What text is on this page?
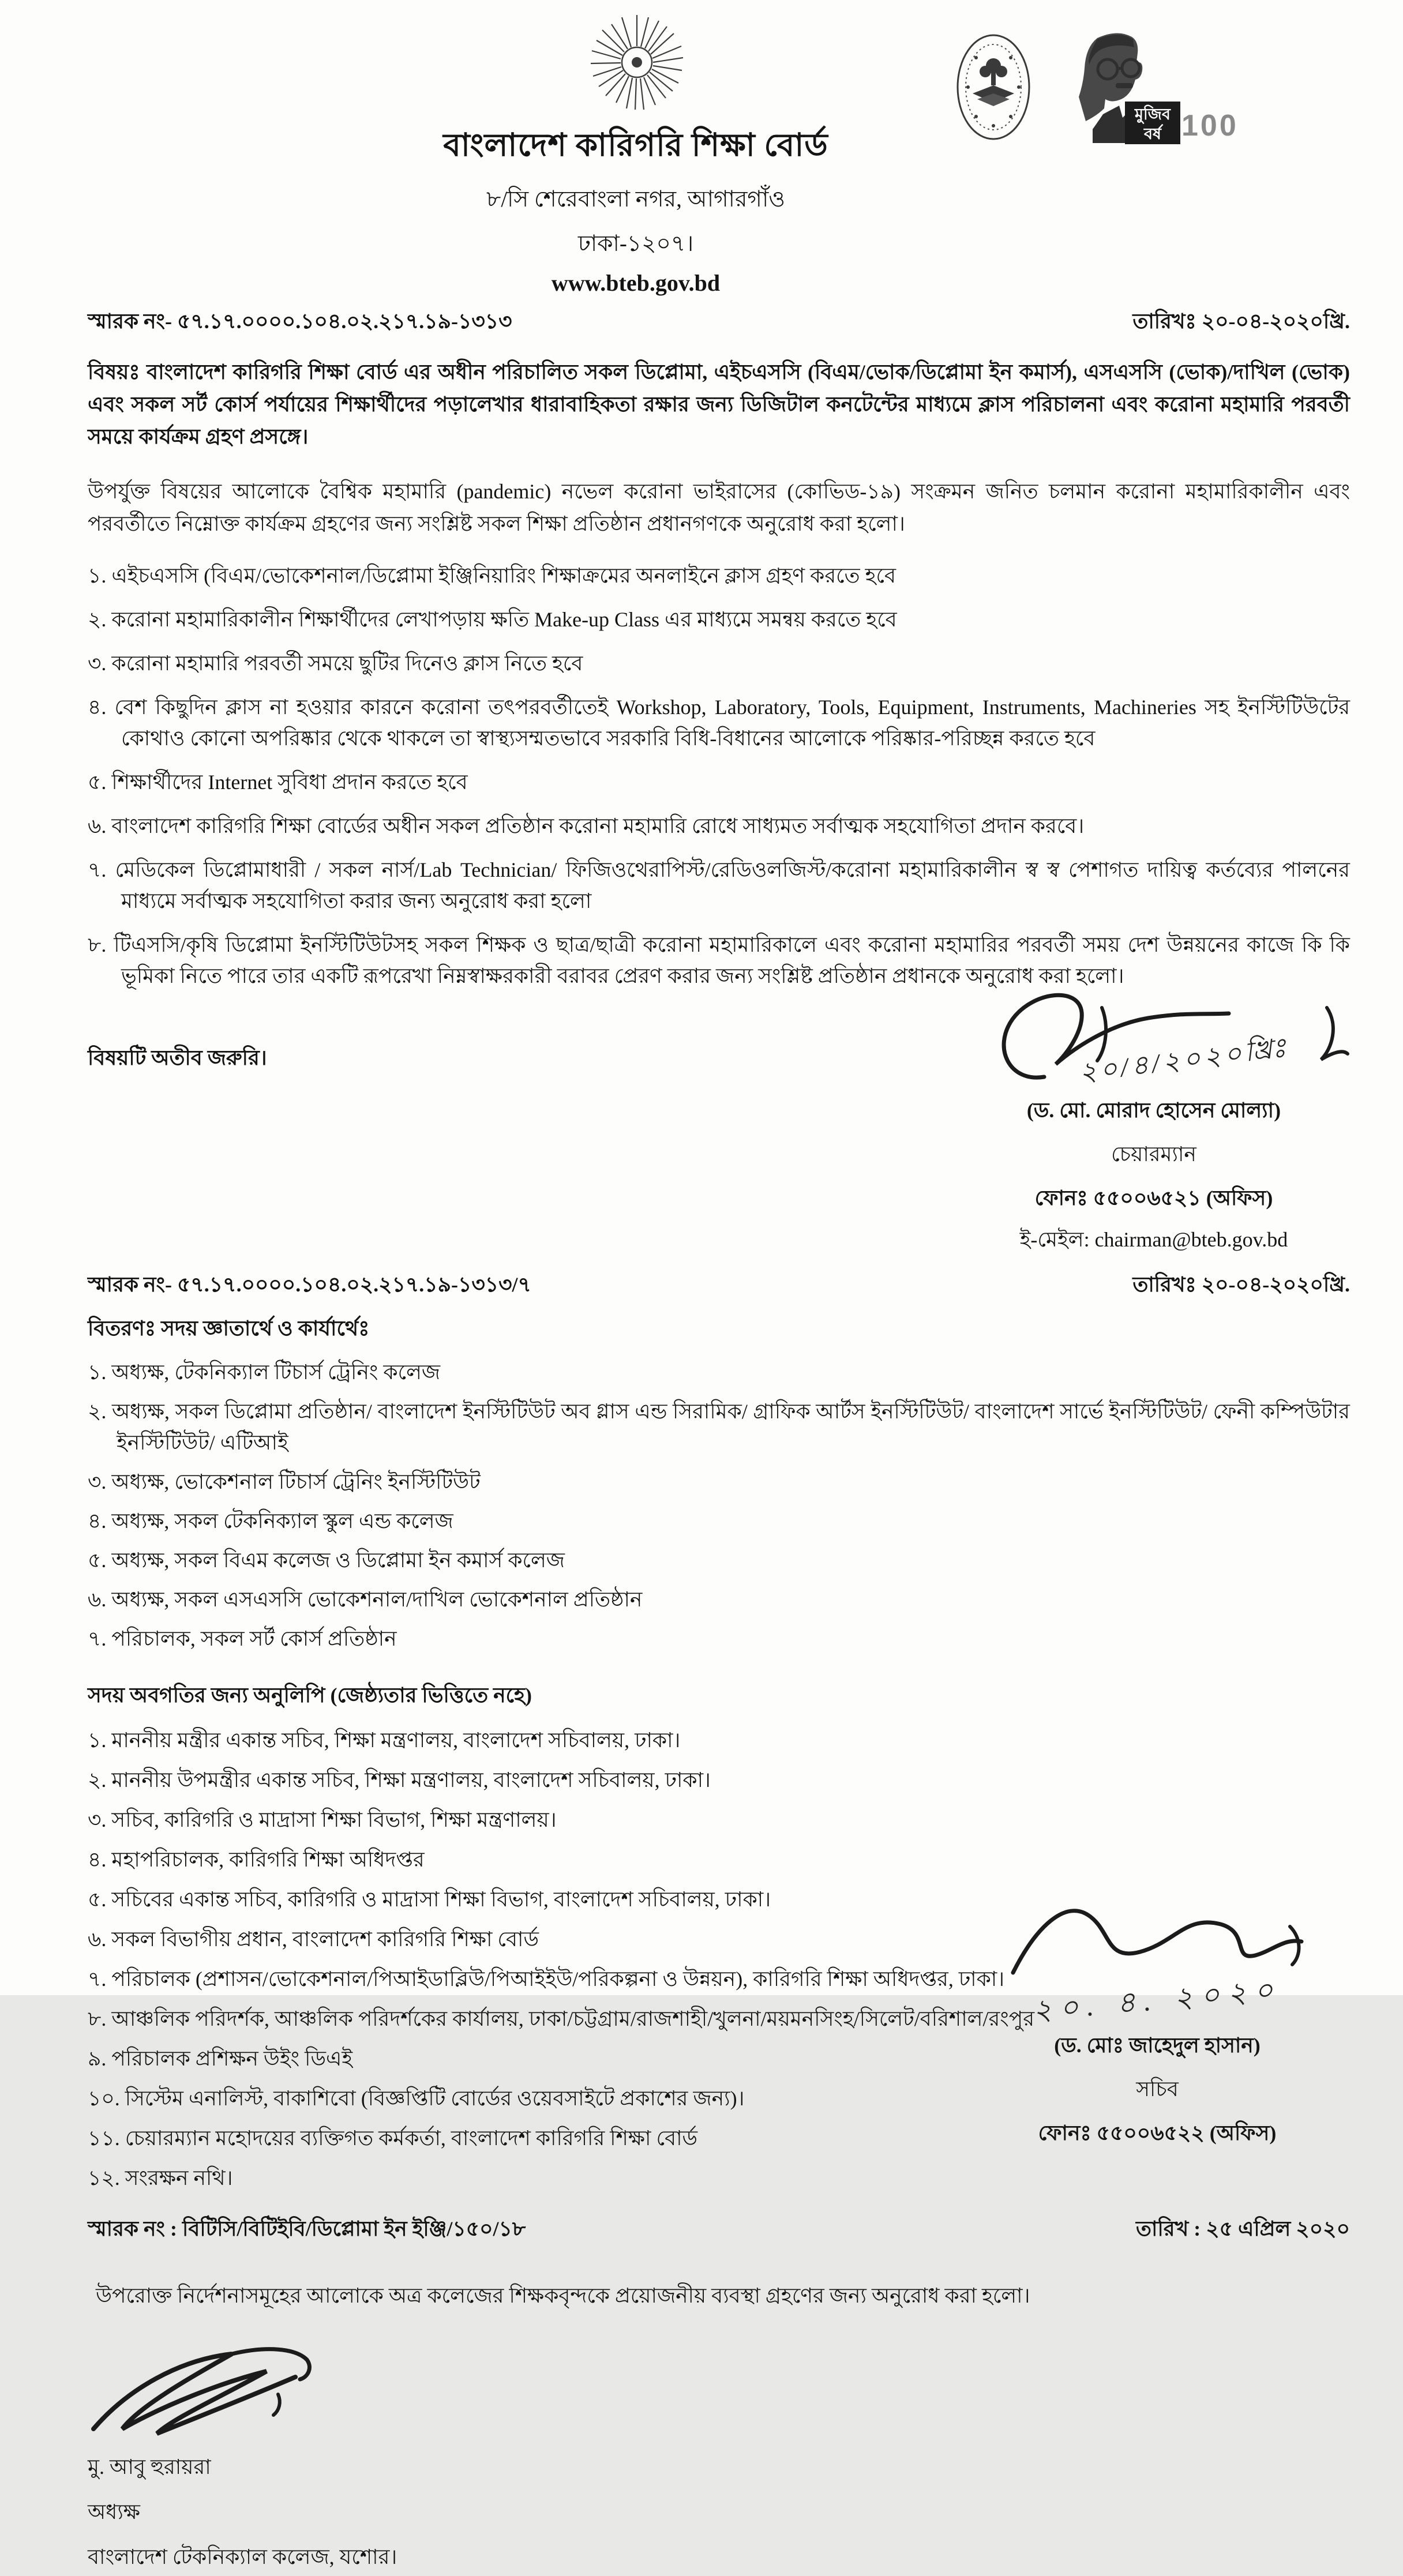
মুজিব
বর্ষ 100
বাংলাদেশ কারিগরি শিক্ষা বোর্ড
৮/সি শেরেবাংলা নগর, আগারগাঁও
ঢাকা-১২০৭।
www.bteb.gov.bd
স্মারক নং- ৫৭.১৭.০০০০.১০৪.০২.২১৭.১৯-১৩১৩	তারিখঃ ২০-০৪-২০২০খ্রি.
বিষয়ঃ বাংলাদেশ কারিগরি শিক্ষা বোর্ড এর অধীন পরিচালিত সকল ডিপ্লোমা, এইচএসসি (বিএম/ভোক/ডিপ্লোমা ইন কমার্স), এসএসসি (ভোক)/দাখিল (ভোক) এবং সকল সর্ট কোর্স পর্যায়ের শিক্ষার্থীদের পড়ালেখার ধারাবাহিকতা রক্ষার জন্য ডিজিটাল কনটেন্টের মাধ্যমে ক্লাস পরিচালনা এবং করোনা মহামারি পরবর্তী সময়ে কার্যক্রম গ্রহণ প্রসঙ্গে।
উপর্যুক্ত বিষয়ের আলোকে বৈশ্বিক মহামারি (pandemic) নভেল করোনা ভাইরাসের (কোভিড-১৯) সংক্রমন জনিত চলমান করোনা মহামারিকালীন এবং পরবর্তীতে নিম্নোক্ত কার্যক্রম গ্রহণের জন্য সংশ্লিষ্ট সকল শিক্ষা প্রতিষ্ঠান প্রধানগণকে অনুরোধ করা হলো।
১. এইচএসসি (বিএম/ভোকেশনাল/ডিপ্লোমা ইঞ্জিনিয়ারিং শিক্ষাক্রমের অনলাইনে ক্লাস গ্রহণ করতে হবে
২. করোনা মহামারিকালীন শিক্ষার্থীদের লেখাপড়ায় ক্ষতি Make-up Class এর মাধ্যমে সমন্বয় করতে হবে
৩. করোনা মহামারি পরবর্তী সময়ে ছুটির দিনেও ক্লাস নিতে হবে
৪. বেশ কিছুদিন ক্লাস না হওয়ার কারনে করোনা তৎপরবর্তীতেই Workshop, Laboratory, Tools, Equipment, Instruments, Machineries সহ ইনস্টিটিউটের কোথাও কোনো অপরিষ্কার থেকে থাকলে তা স্বাস্থ্যসম্মতভাবে সরকারি বিধি-বিধানের আলোকে পরিষ্কার-পরিচ্ছন্ন করতে হবে
৫. শিক্ষার্থীদের Internet সুবিধা প্রদান করতে হবে
৬. বাংলাদেশ কারিগরি শিক্ষা বোর্ডের অধীন সকল প্রতিষ্ঠান করোনা মহামারি রোধে সাধ্যমত সর্বাত্মক সহযোগিতা প্রদান করবে।
৭. মেডিকেল ডিপ্লোমাধারী / সকল নার্স/Lab Technician/ ফিজিওথেরাপিস্ট/রেডিওলজিস্ট/করোনা মহামারিকালীন স্ব স্ব পেশাগত দায়িত্ব কর্তব্যের পালনের মাধ্যমে সর্বাত্মক সহযোগিতা করার জন্য অনুরোধ করা হলো
৮. টিএসসি/কৃষি ডিপ্লোমা ইনস্টিটিউটসহ সকল শিক্ষক ও ছাত্র/ছাত্রী করোনা মহামারিকালে এবং করোনা মহামারির পরবর্তী সময় দেশ উন্নয়নের কাজে কি কি ভূমিকা নিতে পারে তার একটি রূপরেখা নিম্নস্বাক্ষরকারী বরাবর প্রেরণ করার জন্য সংশ্লিষ্ট প্রতিষ্ঠান প্রধানকে অনুরোধ করা হলো।
বিষয়টি অতীব জরুরি।	২০/৪/২০২০খ্রিঃ
(ড. মো. মোরাদ হোসেন মোল্যা)
চেয়ারম্যান
ফোনঃ ৫৫০০৬৫২১ (অফিস)
ই-মেইল: chairman@bteb.gov.bd
স্মারক নং- ৫৭.১৭.০০০০.১০৪.০২.২১৭.১৯-১৩১৩/৭	তারিখঃ ২০-০৪-২০২০খ্রি.
বিতরণঃ সদয় জ্ঞাতার্থে ও কার্যার্থেঃ
১. অধ্যক্ষ, টেকনিক্যাল টিচার্স ট্রেনিং কলেজ
২. অধ্যক্ষ, সকল ডিপ্লোমা প্রতিষ্ঠান/ বাংলাদেশ ইনস্টিটিউট অব গ্লাস এন্ড সিরামিক/ গ্রাফিক আর্টস ইনস্টিটিউট/ বাংলাদেশ সার্ভে ইনস্টিটিউট/ ফেনী কম্পিউটার ইনস্টিটিউট/ এটিআই
৩. অধ্যক্ষ, ভোকেশনাল টিচার্স ট্রেনিং ইনস্টিটিউট
৪. অধ্যক্ষ, সকল টেকনিক্যাল স্কুল এন্ড কলেজ
৫. অধ্যক্ষ, সকল বিএম কলেজ ও ডিপ্লোমা ইন কমার্স কলেজ
৬. অধ্যক্ষ, সকল এসএসসি ভোকেশনাল/দাখিল ভোকেশনাল প্রতিষ্ঠান
৭. পরিচালক, সকল সর্ট কোর্স প্রতিষ্ঠান
সদয় অবগতির জন্য অনুলিপি (জেষ্ঠ্যতার ভিত্তিতে নহে)
১. মাননীয় মন্ত্রীর একান্ত সচিব, শিক্ষা মন্ত্রণালয়, বাংলাদেশ সচিবালয়, ঢাকা।
২. মাননীয় উপমন্ত্রীর একান্ত সচিব, শিক্ষা মন্ত্রণালয়, বাংলাদেশ সচিবালয়, ঢাকা।
৩. সচিব, কারিগরি ও মাদ্রাসা শিক্ষা বিভাগ, শিক্ষা মন্ত্রণালয়।
৪. মহাপরিচালক, কারিগরি শিক্ষা অধিদপ্তর
৫. সচিবের একান্ত সচিব, কারিগরি ও মাদ্রাসা শিক্ষা বিভাগ, বাংলাদেশ সচিবালয়, ঢাকা।
৬. সকল বিভাগীয় প্রধান, বাংলাদেশ কারিগরি শিক্ষা বোর্ড
৭. পরিচালক (প্রশাসন/ভোকেশনাল/পিআইডাব্লিউ/পিআইইউ/পরিকল্পনা ও উন্নয়ন), কারিগরি শিক্ষা অধিদপ্তর, ঢাকা।
৮. আঞ্চলিক পরিদর্শক, আঞ্চলিক পরিদর্শকের কার্যালয়, ঢাকা/চট্টগ্রাম/রাজশাহী/খুলনা/ময়মনসিংহ/সিলেট/বরিশাল/রংপুর
৯. পরিচালক প্রশিক্ষন উইং ডিএই
১০. সিস্টেম এনালিস্ট, বাকাশিবো (বিজ্ঞপ্তিটি বোর্ডের ওয়েবসাইটে প্রকাশের জন্য)।
১১. চেয়ারম্যান মহোদয়ের ব্যক্তিগত কর্মকর্তা, বাংলাদেশ কারিগরি শিক্ষা বোর্ড
১২. সংরক্ষন নথি।
২০. ৪. ২০২০
(ড. মোঃ জাহেদুল হাসান)
সচিব
ফোনঃ ৫৫০০৬৫২২ (অফিস)
স্মারক নং : বিটিসি/বিটিইবি/ডিপ্লোমা ইন ইঞ্জি/১৫০/১৮	তারিখ : ২৫ এপ্রিল ২০২০
উপরোক্ত নির্দেশনাসমূহের আলোকে অত্র কলেজের শিক্ষকবৃন্দকে প্রয়োজনীয় ব্যবস্থা গ্রহণের জন্য অনুরোধ করা হলো।
মু. আবু হুরায়রা
অধ্যক্ষ
বাংলাদেশ টেকনিক্যাল কলেজ, যশোর।
